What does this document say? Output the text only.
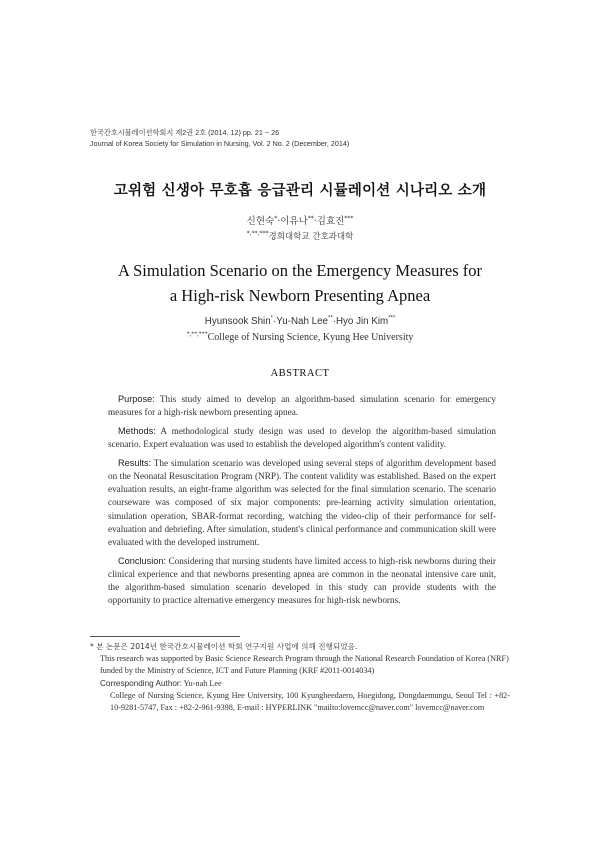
한국간호시뮬레이션학회지 제2권 2호 (2014. 12) pp. 21 ~ 26
Journal of Korea Society for Simulation in Nursing, Vol. 2 No. 2 (December, 2014)
고위험 신생아 무호흡 응급관리 시뮬레이션 시나리오 소개
신현숙*·이유나**·김효진***
*,**,***경희대학교 간호과대학
A Simulation Scenario on the Emergency Measures for
a High-risk Newborn Presenting Apnea
Hyunsook Shin*·Yu-Nah Lee**·Hyo Jin Kim***
*,**,***College of Nursing Science, Kyung Hee University
ABSTRACT

Purpose: This study aimed to develop an algorithm-based simulation scenario for emergency measures for a high-risk newborn presenting apnea.

Methods: A methodological study design was used to develop the algorithm-based simulation scenario. Expert evaluation was used to establish the developed algorithm's content validity.

Results: The simulation scenario was developed using several steps of algorithm development based on the Neonatal Resuscitation Program (NRP). The content validity was established. Based on the expert evaluation results, an eight-frame algorithm was selected for the final simulation scenario. The scenario courseware was composed of six major components: pre-learning activity simulation orientation, simulation operation, SBAR-format recording, watching the video-clip of their performance for self-evaluation and debriefing. After simulation, student's clinical performance and communication skill were evaluated with the developed instrument.

Conclusion: Considering that nursing students have limited access to high-risk newborns during their clinical experience and that newborns presenting apnea are common in the neonatal intensive care unit, the algorithm-based simulation scenario developed in this study can provide students with the opportunity to practice alternative emergency measures for high-risk newborns.

* 본 논문은 2014년 한국간호시뮬레이션 학회 연구지원 사업에 의해 진행되었음.
This research was supported by Basic Science Research Program through the National Research Foundation of Korea (NRF) funded by the Ministry of Science, ICT and Future Planning (KRF #2011-0014034)
Corresponding Author: Yu-nah Lee
College of Nursing Science, Kyung Hee University, 100 Kyungheedaero, Hoegidong, Dongdaemungu, Seoul Tel : +82-10-9281-5747, Fax : +82-2-961-9398, E-mail : HYPERLINK "mailto:lovemcc@naver.com" lovemcc@naver.com
